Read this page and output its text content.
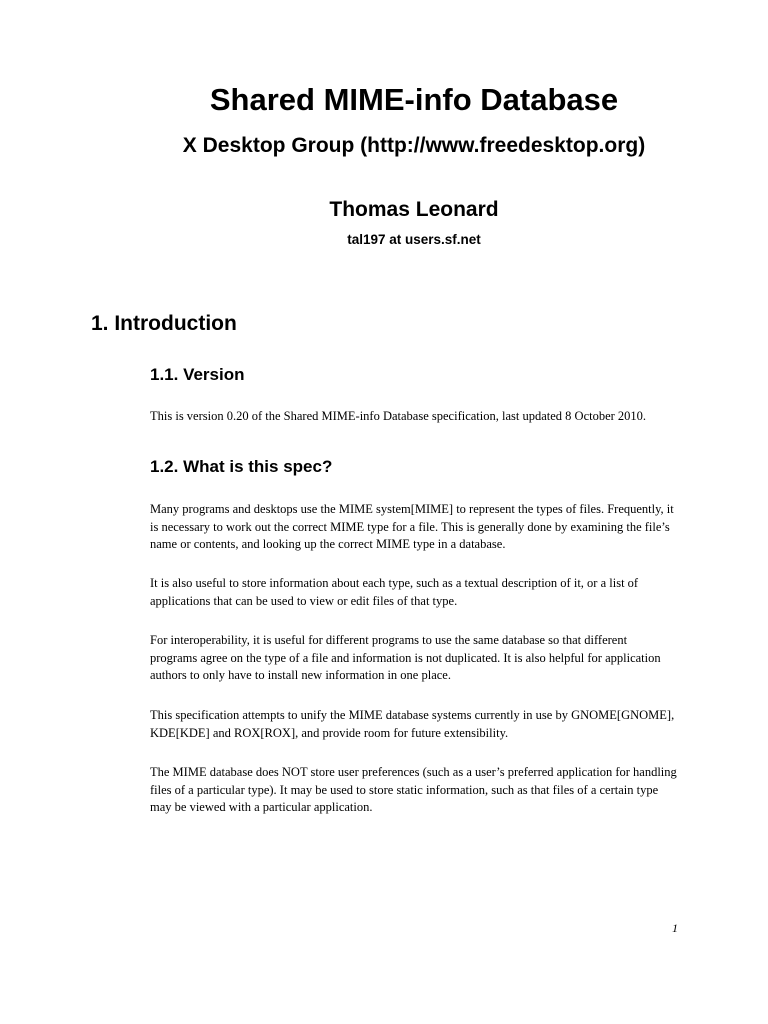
Shared MIME-info Database
X Desktop Group (http://www.freedesktop.org)
Thomas Leonard
tal197 at users.sf.net
1. Introduction
1.1. Version

This is version 0.20 of the Shared MIME-info Database specification, last updated 8 October 2010.

1.2. What is this spec?

Many programs and desktops use the MIME system[MIME] to represent the types of files. Frequently, it
is necessary to work out the correct MIME type for a file. This is generally done by examining the file’s
name or contents, and looking up the correct MIME type in a database.

It is also useful to store information about each type, such as a textual description of it, or a list of
applications that can be used to view or edit files of that type.

For interoperability, it is useful for different programs to use the same database so that different
programs agree on the type of a file and information is not duplicated. It is also helpful for application
authors to only have to install new information in one place.

This specification attempts to unify the MIME database systems currently in use by GNOME[GNOME],
KDE[KDE] and ROX[ROX], and provide room for future extensibility.

The MIME database does NOT store user preferences (such as a user’s preferred application for handling
files of a particular type). It may be used to store static information, such as that files of a certain type
may be viewed with a particular application.

1
